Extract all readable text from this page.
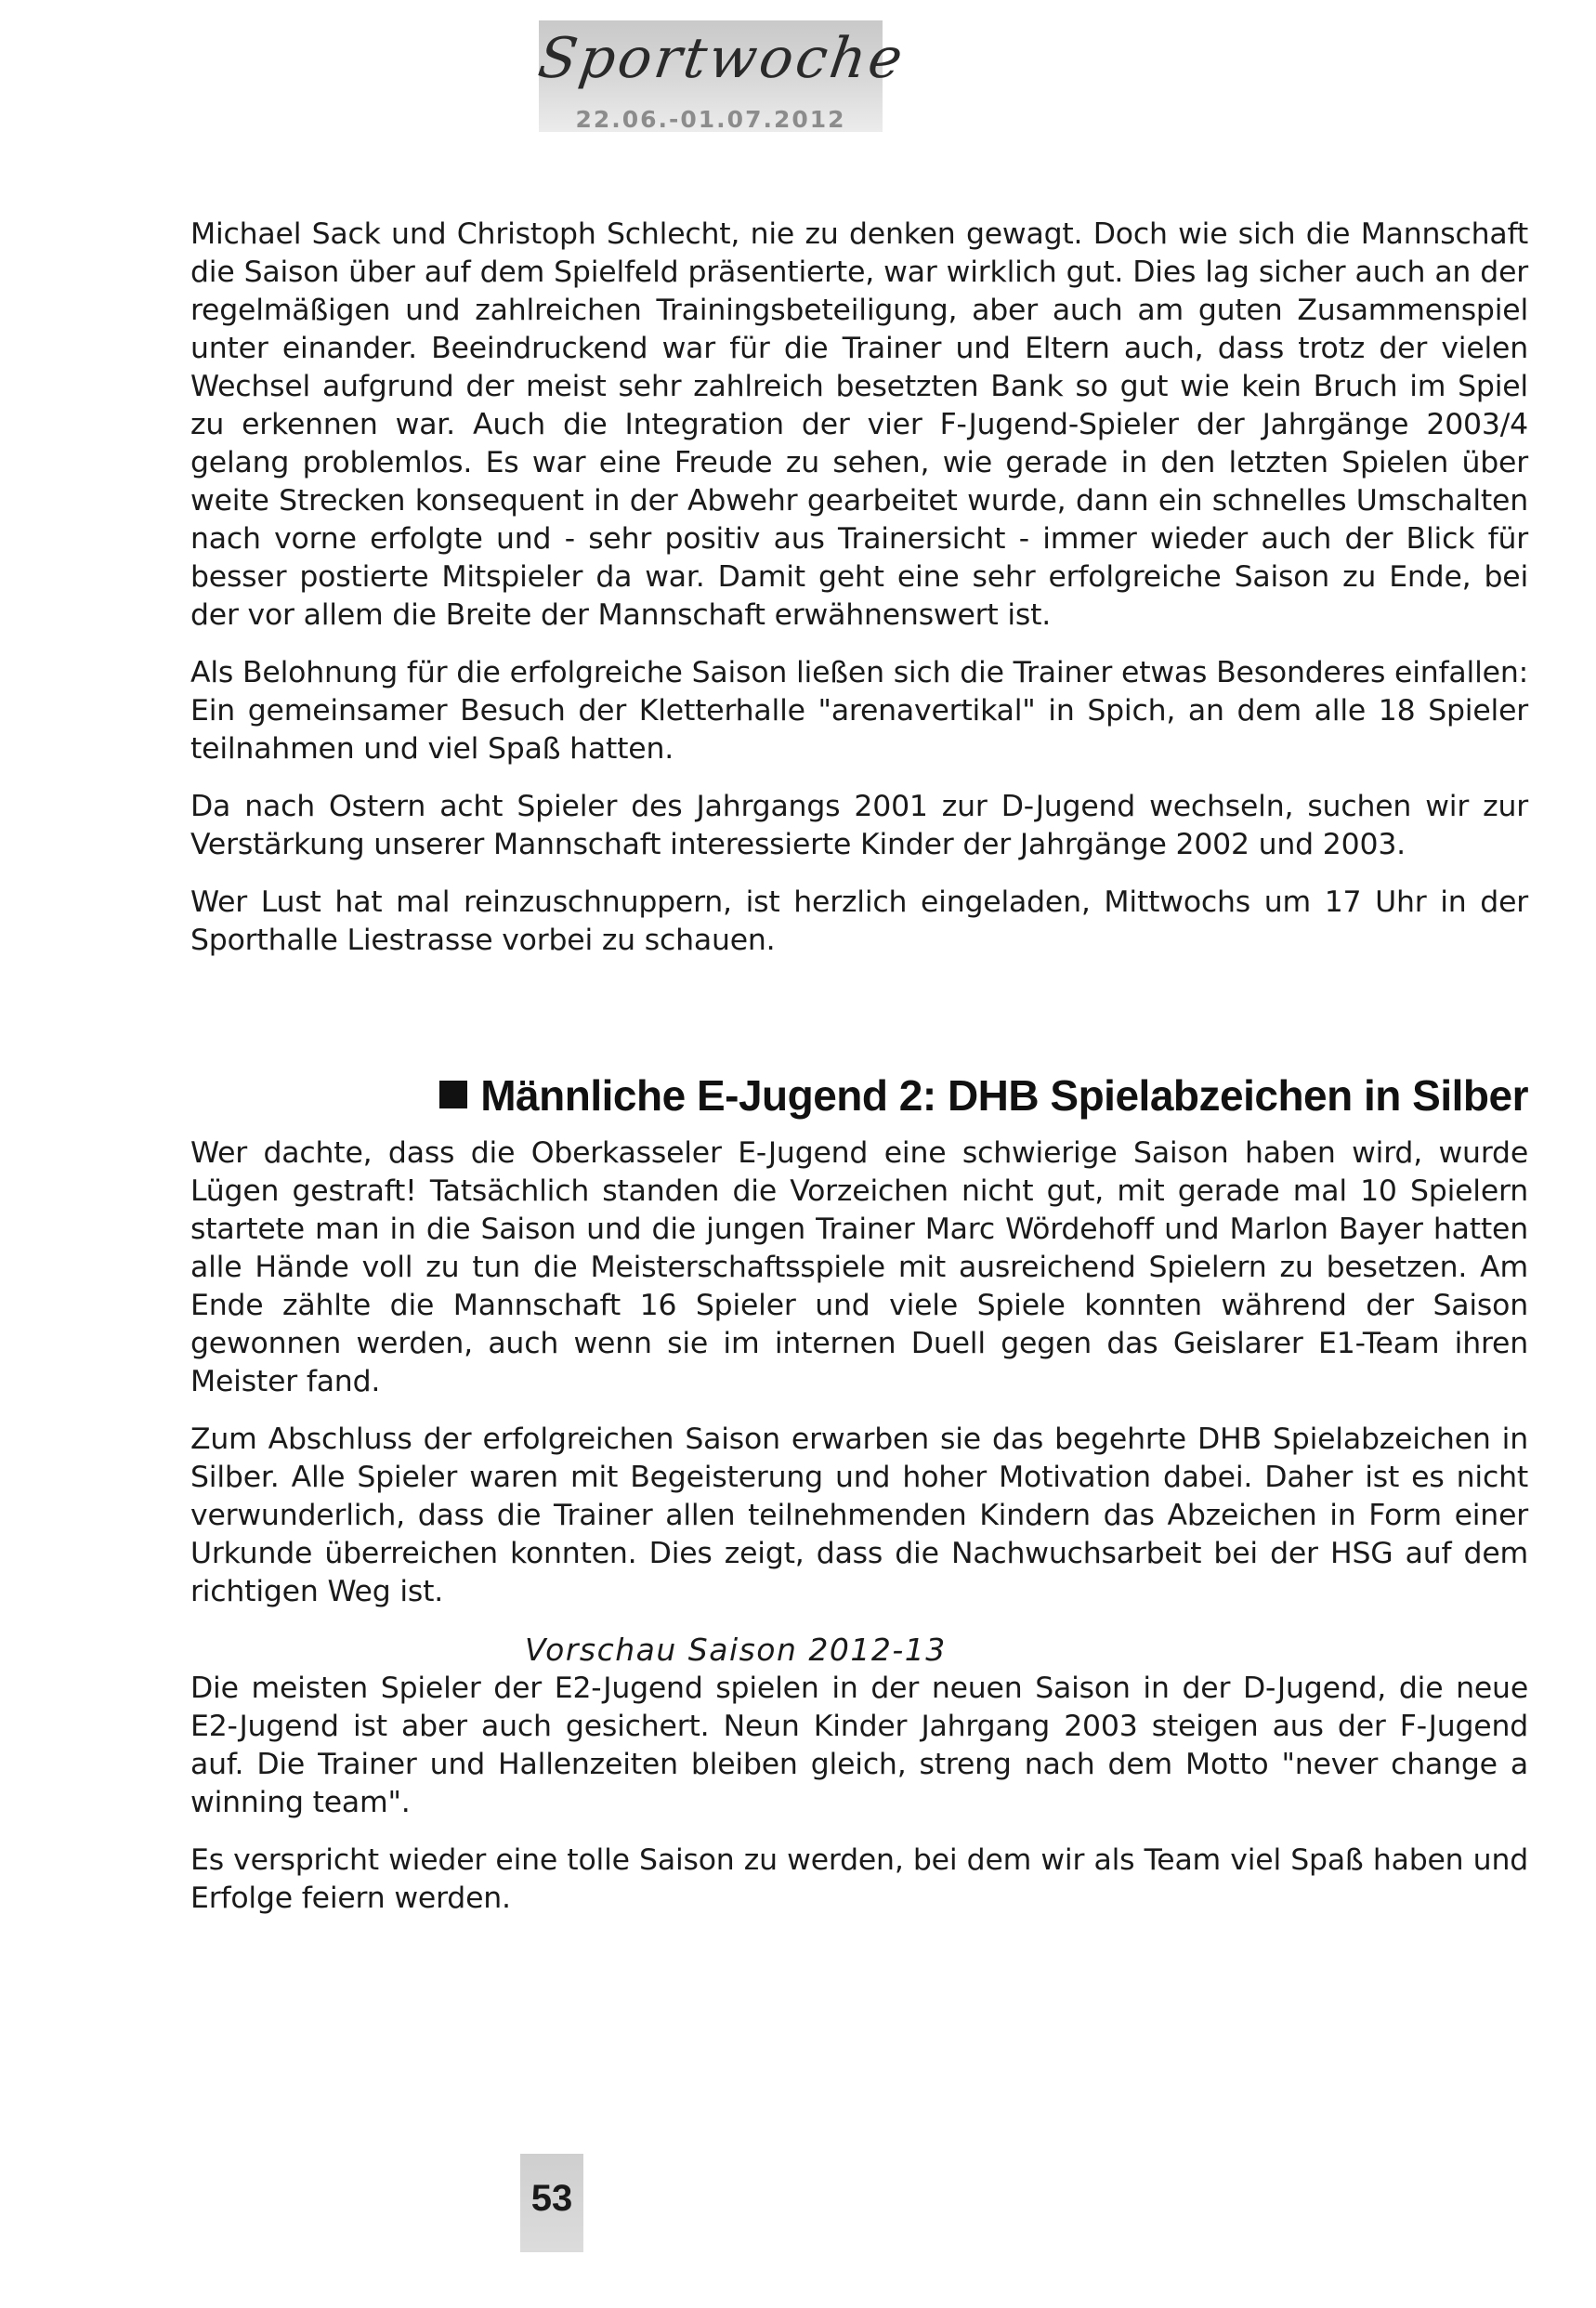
Sportwoche
22.06.-01.07.2012

Michael Sack und Christoph Schlecht, nie zu denken gewagt. Doch wie sich die Mannschaft die Saison über auf dem Spielfeld präsentierte, war wirklich gut. Dies lag sicher auch an der regelmäßigen und zahlreichen Trainingsbeteiligung, aber auch am guten Zusammenspiel unter einander. Beeindruckend war für die Trainer und Eltern auch, dass trotz der vielen Wechsel aufgrund der meist sehr zahlreich besetzten Bank so gut wie kein Bruch im Spiel zu erkennen war. Auch die Integration der vier F-Jugend-Spieler der Jahrgänge 2003/4 gelang problemlos. Es war eine Freude zu sehen, wie gerade in den letzten Spielen über weite Strecken konsequent in der Abwehr gearbeitet wurde, dann ein schnelles Umschalten nach vorne erfolgte und - sehr positiv aus Trainersicht - immer wieder auch der Blick für besser postierte Mitspieler da war. Damit geht eine sehr erfolgreiche Saison zu Ende, bei der vor allem die Breite der Mannschaft erwähnenswert ist.

Als Belohnung für die erfolgreiche Saison ließen sich die Trainer etwas Besonderes einfallen: Ein gemeinsamer Besuch der Kletterhalle "arenavertikal" in Spich, an dem alle 18 Spieler teilnahmen und viel Spaß hatten.

Da nach Ostern acht Spieler des Jahrgangs 2001 zur D-Jugend wechseln, suchen wir zur Verstärkung unserer Mannschaft interessierte Kinder der Jahrgänge 2002 und 2003.

Wer Lust hat mal reinzuschnuppern, ist herzlich eingeladen, Mittwochs um 17 Uhr in der Sporthalle Liestrasse vorbei zu schauen.

Männliche E-Jugend 2: DHB Spielabzeichen in Silber

Wer dachte, dass die Oberkasseler E-Jugend eine schwierige Saison haben wird, wurde Lügen gestraft! Tatsächlich standen die Vorzeichen nicht gut, mit gerade mal 10 Spielern startete man in die Saison und die jungen Trainer Marc Wördehoff und Marlon Bayer hatten alle Hände voll zu tun die Meisterschaftsspiele mit ausreichend Spielern zu besetzen. Am Ende zählte die Mannschaft 16 Spieler und viele Spiele konnten während der Saison gewonnen werden, auch wenn sie im internen Duell gegen das Geislarer E1-Team ihren Meister fand.

Zum Abschluss der erfolgreichen Saison erwarben sie das begehrte DHB Spielabzeichen in Silber. Alle Spieler waren mit Begeisterung und hoher Motivation dabei. Daher ist es nicht verwunderlich, dass die Trainer allen teilnehmenden Kindern das Abzeichen in Form einer Urkunde überreichen konnten. Dies zeigt, dass die Nachwuchsarbeit bei der HSG auf dem richtigen Weg ist.

Vorschau Saison 2012-13

Die meisten Spieler der E2-Jugend spielen in der neuen Saison in der D-Jugend, die neue E2-Jugend ist aber auch gesichert. Neun Kinder Jahrgang 2003 steigen aus der F-Jugend auf. Die Trainer und Hallenzeiten bleiben gleich, streng nach dem Motto "never change a winning team".

Es verspricht wieder eine tolle Saison zu werden, bei dem wir als Team viel Spaß haben und Erfolge feiern werden.

53
